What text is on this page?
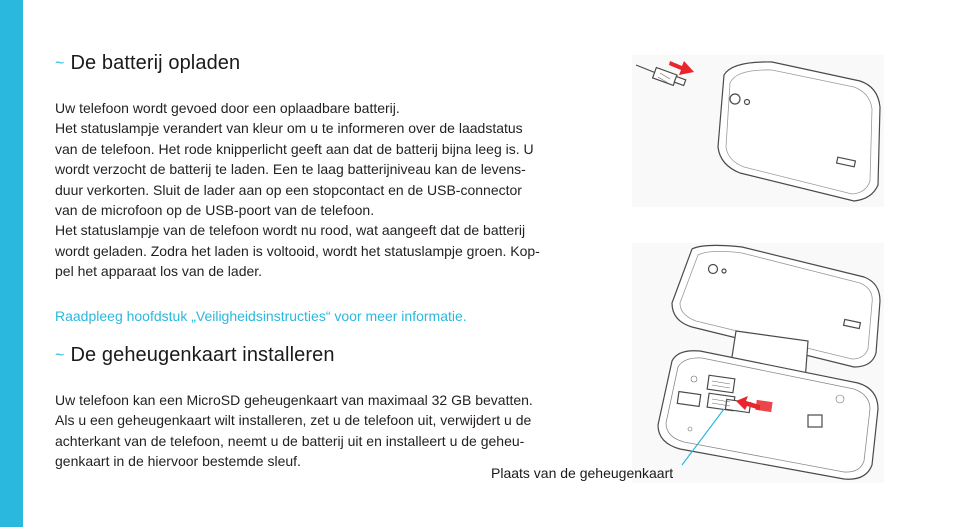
~ De batterij opladen
Uw telefoon wordt gevoed door een oplaadbare batterij.
Het statuslampje verandert van kleur om u te informeren over de laadstatus
van de telefoon. Het rode knipperlicht geeft aan dat de batterij bijna leeg is. U
wordt verzocht de batterij te laden. Een te laag batterijniveau kan de levens-
duur verkorten. Sluit de lader aan op een stopcontact en de USB-connector
van de microfoon op de USB-poort van de telefoon.
Het statuslampje van de telefoon wordt nu rood, wat aangeeft dat de batterij
wordt geladen. Zodra het laden is voltooid, wordt het statuslampje groen. Kop-
pel het apparaat los van de lader.

Raadpleeg hoofdstuk „Veiligheidsinstructies“ voor meer informatie.

~ De geheugenkaart installeren
Uw telefoon kan een MicroSD geheugenkaart van maximaal 32 GB bevatten.
Als u een geheugenkaart wilt installeren, zet u de telefoon uit, verwijdert u de
achterkant van de telefoon, neemt u de batterij uit en installeert u de geheu-
genkaart in de hiervoor bestemde sleuf.
Plaats van de geheugenkaart
